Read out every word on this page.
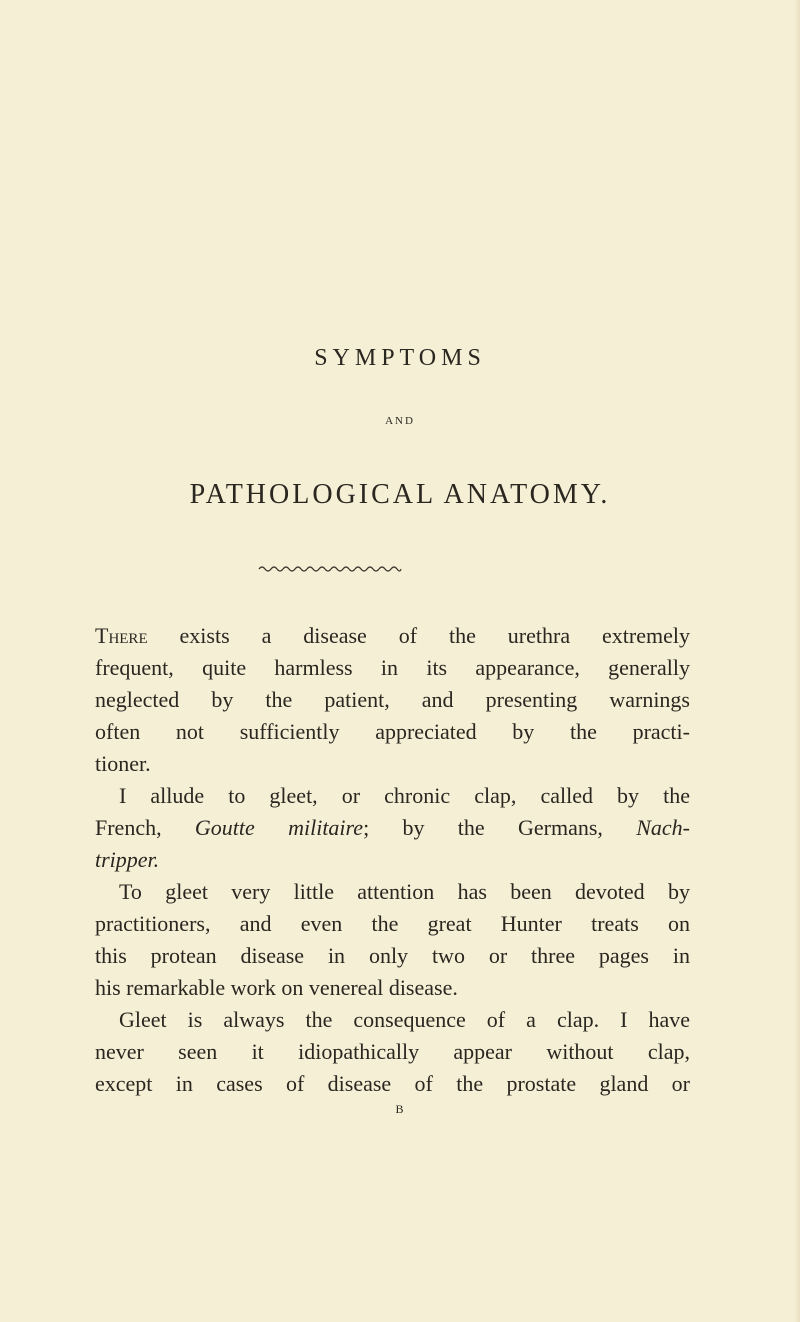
SYMPTOMS
AND
PATHOLOGICAL ANATOMY.
There exists a disease of the urethra extremely
frequent, quite harmless in its appearance, generally
neglected by the patient, and presenting warnings
often not sufficiently appreciated by the practi-
tioner.
I allude to gleet, or chronic clap, called by the
French, Goutte militaire; by the Germans, Nach-
tripper.
To gleet very little attention has been devoted by
practitioners, and even the great Hunter treats on
this protean disease in only two or three pages in
his remarkable work on venereal disease.
Gleet is always the consequence of a clap. I have
never seen it idiopathically appear without clap,
except in cases of disease of the prostate gland or
B
